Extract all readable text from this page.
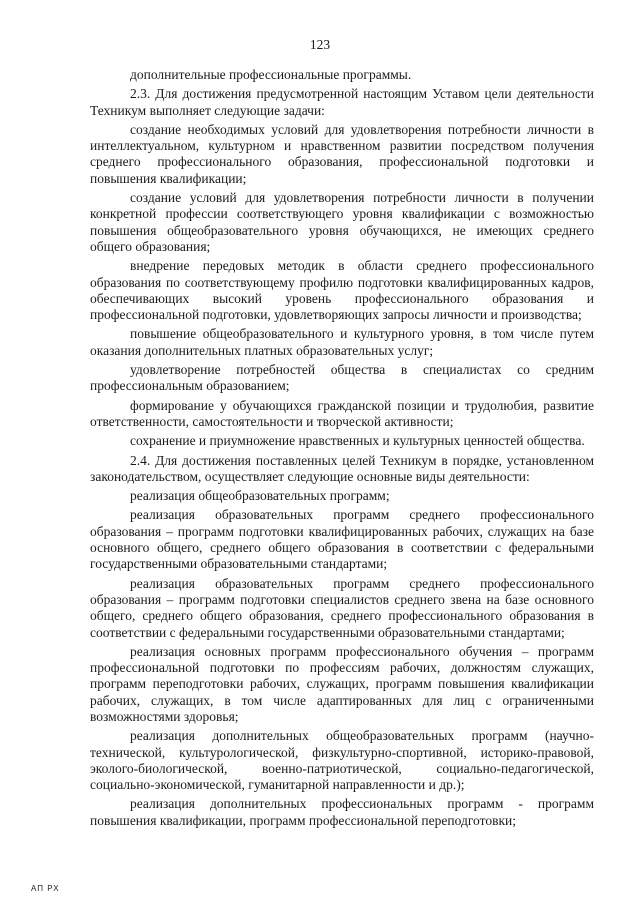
123

дополнительные профессиональные программы.

2.3. Для достижения предусмотренной настоящим Уставом цели деятельности Техникум выполняет следующие задачи:

создание необходимых условий для удовлетворения потребности личности в интеллектуальном, культурном и нравственном развитии посредством получения среднего профессионального образования, профессиональной подготовки и повышения квалификации;

создание условий для удовлетворения потребности личности в получении конкретной профессии соответствующего уровня квалификации с возможностью повышения общеобразовательного уровня обучающихся, не имеющих среднего общего образования;

внедрение передовых методик в области среднего профессионального образования по соответствующему профилю подготовки квалифицированных кадров, обеспечивающих высокий уровень профессионального образования и профессиональной подготовки, удовлетворяющих запросы личности и производства;

повышение общеобразовательного и культурного уровня, в том числе путем оказания дополнительных платных образовательных услуг;

удовлетворение потребностей общества в специалистах со средним профессиональным образованием;

формирование у обучающихся гражданской позиции и трудолюбия, развитие ответственности, самостоятельности и творческой активности;

сохранение и приумножение нравственных и культурных ценностей общества.

2.4. Для достижения поставленных целей Техникум в порядке, установленном законодательством, осуществляет следующие основные виды деятельности:

реализация общеобразовательных программ;

реализация образовательных программ среднего профессионального образования – программ подготовки квалифицированных рабочих, служащих на базе основного общего, среднего общего образования в соответствии с федеральными государственными образовательными стандартами;

реализация образовательных программ среднего профессионального образования – программ подготовки специалистов среднего звена на базе основного общего, среднего общего образования, среднего профессионального образования в соответствии с федеральными государственными образовательными стандартами;

реализация основных программ профессионального обучения – программ профессиональной подготовки по профессиям рабочих, должностям служащих, программ переподготовки рабочих, служащих, программ повышения квалификации рабочих, служащих, в том числе адаптированных для лиц с ограниченными возможностями здоровья;

реализация дополнительных общеобразовательных программ (научно-технической, культурологической, физкультурно-спортивной, историко-правовой, эколого-биологической, военно-патриотической, социально-педагогической, социально-экономической, гуманитарной направленности и др.);

реализация дополнительных профессиональных программ - программ повышения квалификации, программ профессиональной переподготовки;

АП РХ
